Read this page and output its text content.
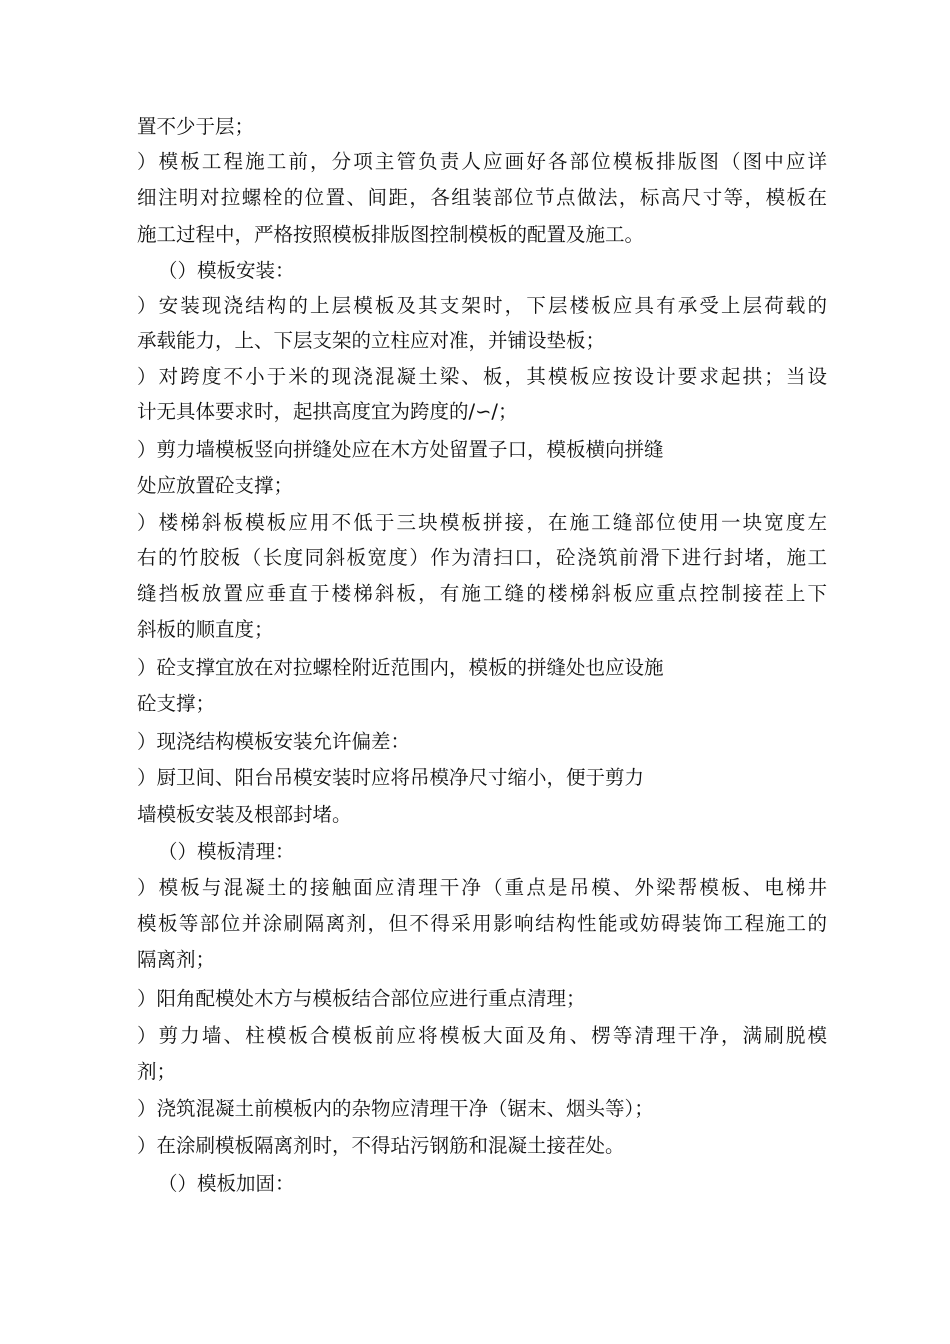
置不少于层；
）模板工程施工前，分项主管负责人应画好各部位模板排版图（图中应详
细注明对拉螺栓的位置、间距，各组装部位节点做法，标高尺寸等，模板在
施工过程中，严格按照模板排版图控制模板的配置及施工。
（）模板安装：
）安装现浇结构的上层模板及其支架时，下层楼板应具有承受上层荷载的
承载能力，上、下层支架的立柱应对准，并铺设垫板；
）对跨度不小于米的现浇混凝土梁、板，其模板应按设计要求起拱；当设
计无具体要求时，起拱高度宜为跨度的/∽/；
）剪力墙模板竖向拼缝处应在木方处留置子口，模板横向拼缝
处应放置砼支撑；
）楼梯斜板模板应用不低于三块模板拼接，在施工缝部位使用一块宽度左
右的竹胶板（长度同斜板宽度）作为清扫口，砼浇筑前滑下进行封堵，施工
缝挡板放置应垂直于楼梯斜板，有施工缝的楼梯斜板应重点控制接茬上下
斜板的顺直度；
）砼支撑宜放在对拉螺栓附近范围内，模板的拼缝处也应设施
砼支撑；
）现浇结构模板安装允许偏差：
）厨卫间、阳台吊模安装时应将吊模净尺寸缩小，便于剪力
墙模板安装及根部封堵。
（）模板清理：
）模板与混凝土的接触面应清理干净（重点是吊模、外梁帮模板、电梯井
模板等部位并涂刷隔离剂，但不得采用影响结构性能或妨碍装饰工程施工的
隔离剂；
）阳角配模处木方与模板结合部位应进行重点清理；
）剪力墙、柱模板合模板前应将模板大面及角、楞等清理干净，满刷脱模
剂；
）浇筑混凝土前模板内的杂物应清理干净（锯末、烟头等）；
）在涂刷模板隔离剂时，不得玷污钢筋和混凝土接茬处。
（）模板加固：
